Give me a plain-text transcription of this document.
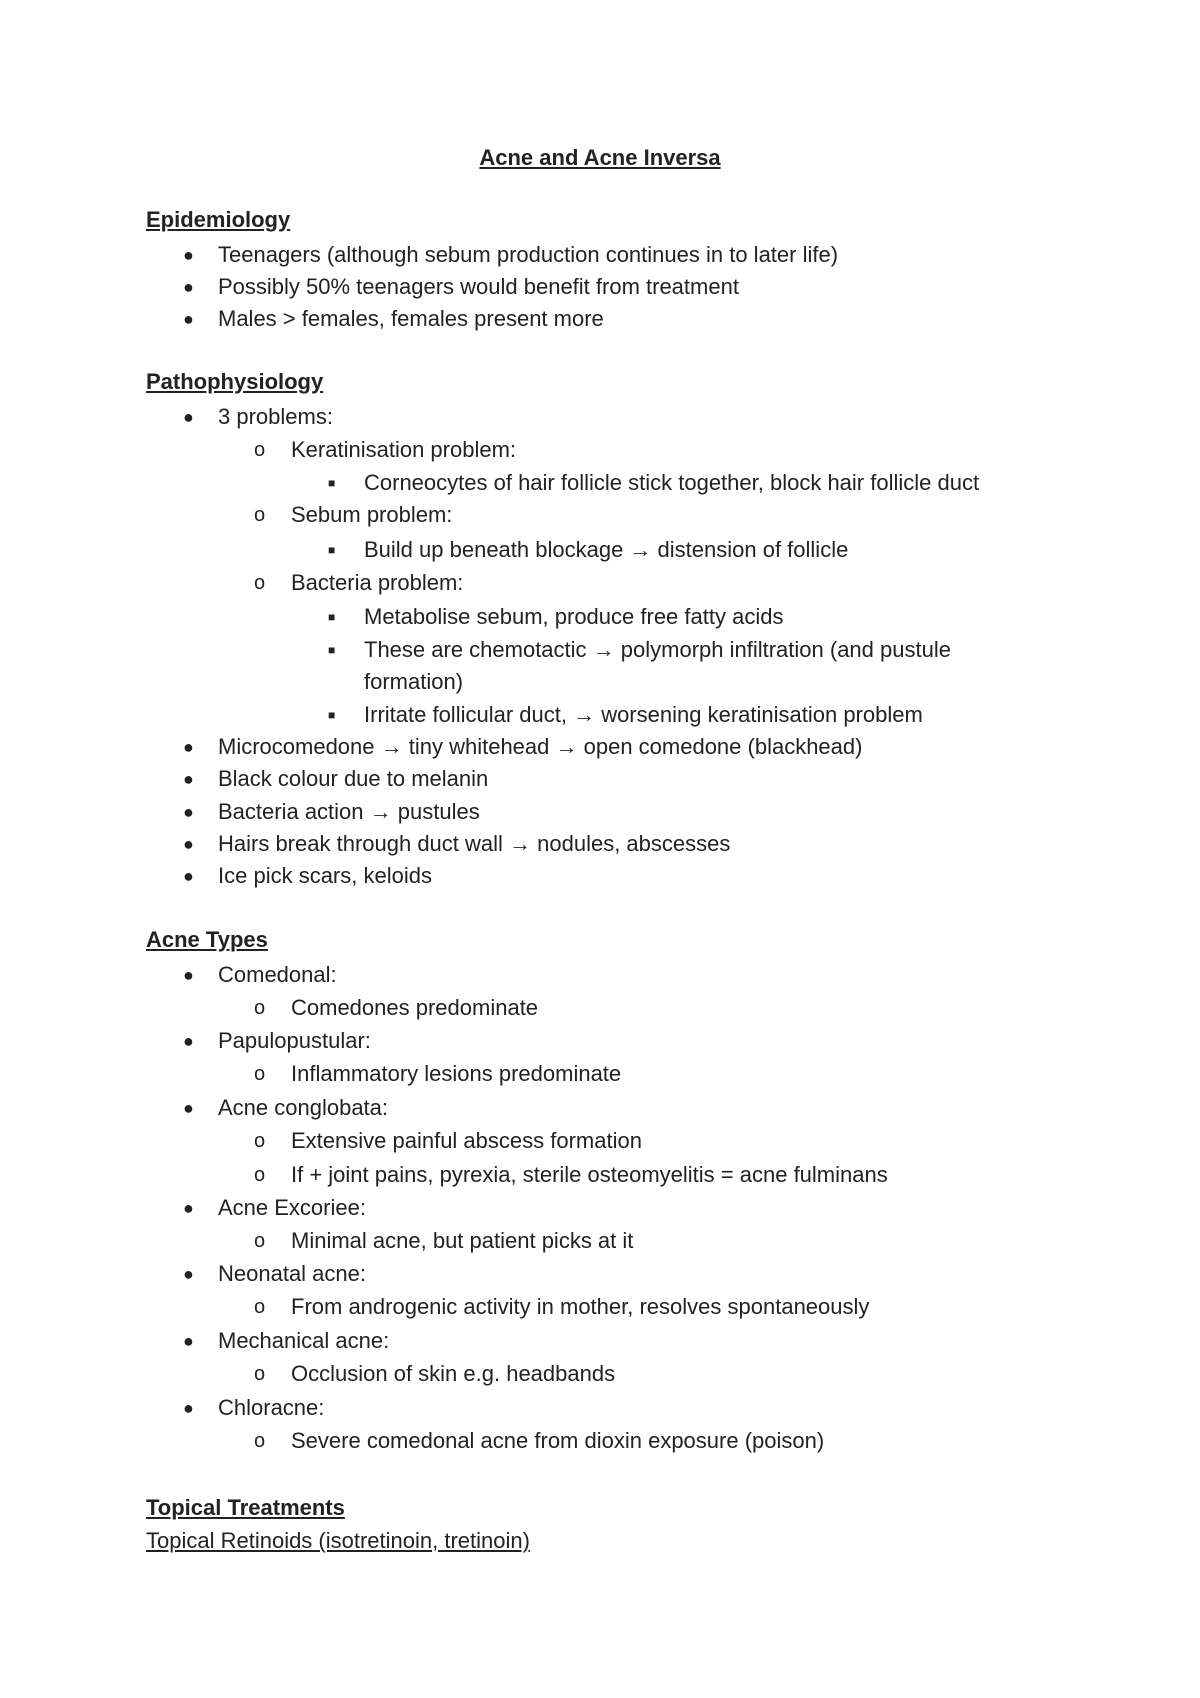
Acne and Acne Inversa
Epidemiology
● Teenagers (although sebum production continues in to later life)
● Possibly 50% teenagers would benefit from treatment
● Males > females, females present more
Pathophysiology
● 3 problems:
o Keratinisation problem:
■ Corneocytes of hair follicle stick together, block hair follicle duct
o Sebum problem:
■ Build up beneath blockage → distension of follicle
o Bacteria problem:
■ Metabolise sebum, produce free fatty acids
■ These are chemotactic → polymorph infiltration (and pustule
formation)
■ Irritate follicular duct, → worsening keratinisation problem
● Microcomedone → tiny whitehead → open comedone (blackhead)
● Black colour due to melanin
● Bacteria action → pustules
● Hairs break through duct wall → nodules, abscesses
● Ice pick scars, keloids
Acne Types
● Comedonal:
o Comedones predominate
● Papulopustular:
o Inflammatory lesions predominate
● Acne conglobata:
o Extensive painful abscess formation
o If + joint pains, pyrexia, sterile osteomyelitis = acne fulminans
● Acne Excoriee:
o Minimal acne, but patient picks at it
● Neonatal acne:
o From androgenic activity in mother, resolves spontaneously
● Mechanical acne:
o Occlusion of skin e.g. headbands
● Chloracne:
o Severe comedonal acne from dioxin exposure (poison)
Topical Treatments
Topical Retinoids (isotretinoin, tretinoin)
